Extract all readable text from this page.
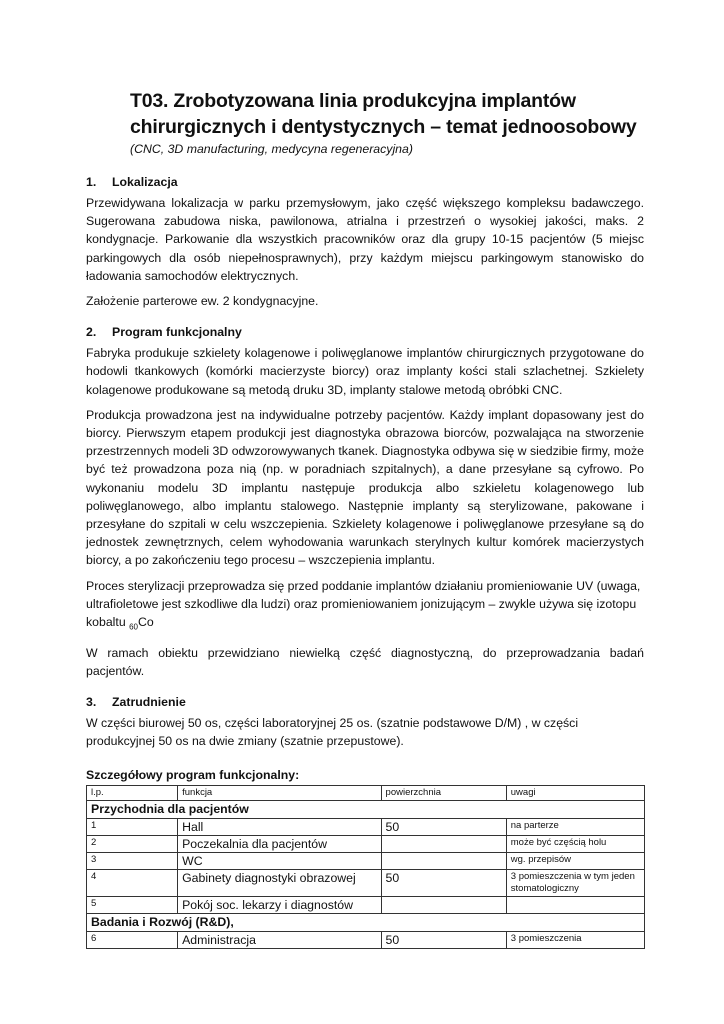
T03. Zrobotyzowana linia produkcyjna implantów
chirurgicznych i dentystycznych – temat jednoosobowy
(CNC, 3D manufacturing, medycyna regeneracyjna)
1. Lokalizacja

Przewidywana lokalizacja w parku przemysłowym, jako część większego kompleksu badawczego. Sugerowana zabudowa niska, pawilonowa, atrialna i przestrzeń o wysokiej jakości, maks. 2 kondygnacje. Parkowanie dla wszystkich pracowników oraz dla grupy 10-15 pacjentów (5 miejsc parkingowych dla osób niepełnosprawnych), przy każdym miejscu parkingowym stanowisko do ładowania samochodów elektrycznych.

Założenie parterowe ew. 2 kondygnacyjne.

2. Program funkcjonalny

Fabryka produkuje szkielety kolagenowe i poliwęglanowe implantów chirurgicznych przygotowane do hodowli tkankowych (komórki macierzyste biorcy) oraz implanty kości stali szlachetnej. Szkielety kolagenowe produkowane są metodą druku 3D, implanty stalowe metodą obróbki CNC.

Produkcja prowadzona jest na indywidualne potrzeby pacjentów. Każdy implant dopasowany jest do biorcy. Pierwszym etapem produkcji jest diagnostyka obrazowa biorców, pozwalająca na stworzenie przestrzennych modeli 3D odwzorowywanych tkanek. Diagnostyka odbywa się w siedzibie firmy, może być też prowadzona poza nią (np. w poradniach szpitalnych), a dane przesyłane są cyfrowo. Po wykonaniu modelu 3D implantu następuje produkcja albo szkieletu kolagenowego lub poliwęglanowego, albo implantu stalowego. Następnie implanty są sterylizowane, pakowane i przesyłane do szpitali w celu wszczepienia. Szkielety kolagenowe i poliwęglanowe przesyłane są do jednostek zewnętrznych, celem wyhodowania warunkach sterylnych kultur komórek macierzystych biorcy, a po zakończeniu tego procesu – wszczepienia implantu.

Proces sterylizacji przeprowadza się przed poddanie implantów działaniu promieniowanie UV (uwaga, ultrafioletowe jest szkodliwe dla ludzi) oraz promieniowaniem jonizującym – zwykle używa się izotopu kobaltu $_{60}$Co

W ramach obiektu przewidziano niewielką część diagnostyczną, do przeprowadzania badań pacjentów.

3. Zatrudnienie

W części biurowej 50 os, części laboratoryjnej 25 os. (szatnie podstawowe D/M) , w części produkcyjnej 50 os na dwie zmiany (szatnie przepustowe).

Szczegółowy program funkcjonalny:
l.p.	funkcja	powierzchnia	uwagi
Przychodnia dla pacjentów			
1	Hall	50	na parterze
2	Poczekalnia dla pacjentów		może być częścią holu
3	WC		wg. przepisów
4	Gabinety diagnostyki obrazowej	50	3 pomieszczenia w tym jeden stomatologiczny
5	Pokój soc. lekarzy i diagnostów		
Badania i Rozwój (R&D),			
6	Administracja	50	3 pomieszczenia
